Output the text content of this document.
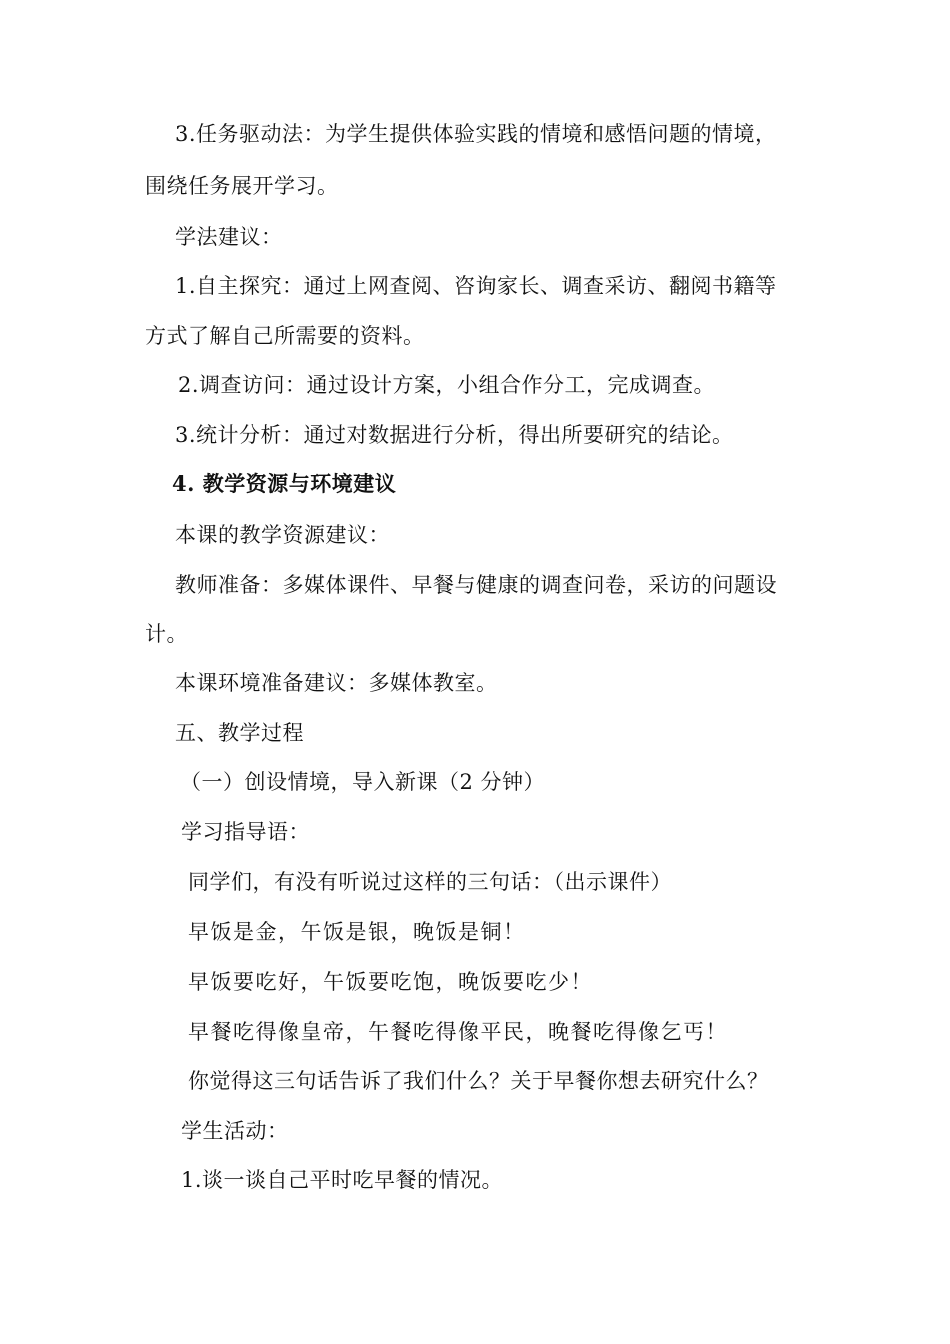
3.任务驱动法：为学生提供体验实践的情境和感悟问题的情境，
围绕任务展开学习。
学法建议：
1.自主探究：通过上网查阅、咨询家长、调查采访、翻阅书籍等
方式了解自己所需要的资料。
2.调查访问：通过设计方案，小组合作分工，完成调查。
3.统计分析：通过对数据进行分析，得出所要研究的结论。
4. 教学资源与环境建议
本课的教学资源建议：
教师准备：多媒体课件、早餐与健康的调查问卷，采访的问题设
计。
本课环境准备建议：多媒体教室。
五、教学过程
（一）创设情境，导入新课（2 分钟）
学习指导语：
同学们，有没有听说过这样的三句话：（出示课件）
早饭是金，午饭是银，晚饭是铜！
早饭要吃好，午饭要吃饱，晚饭要吃少！
早餐吃得像皇帝，午餐吃得像平民，晚餐吃得像乞丐！
你觉得这三句话告诉了我们什么？关于早餐你想去研究什么？
学生活动：
1.谈一谈自己平时吃早餐的情况。
